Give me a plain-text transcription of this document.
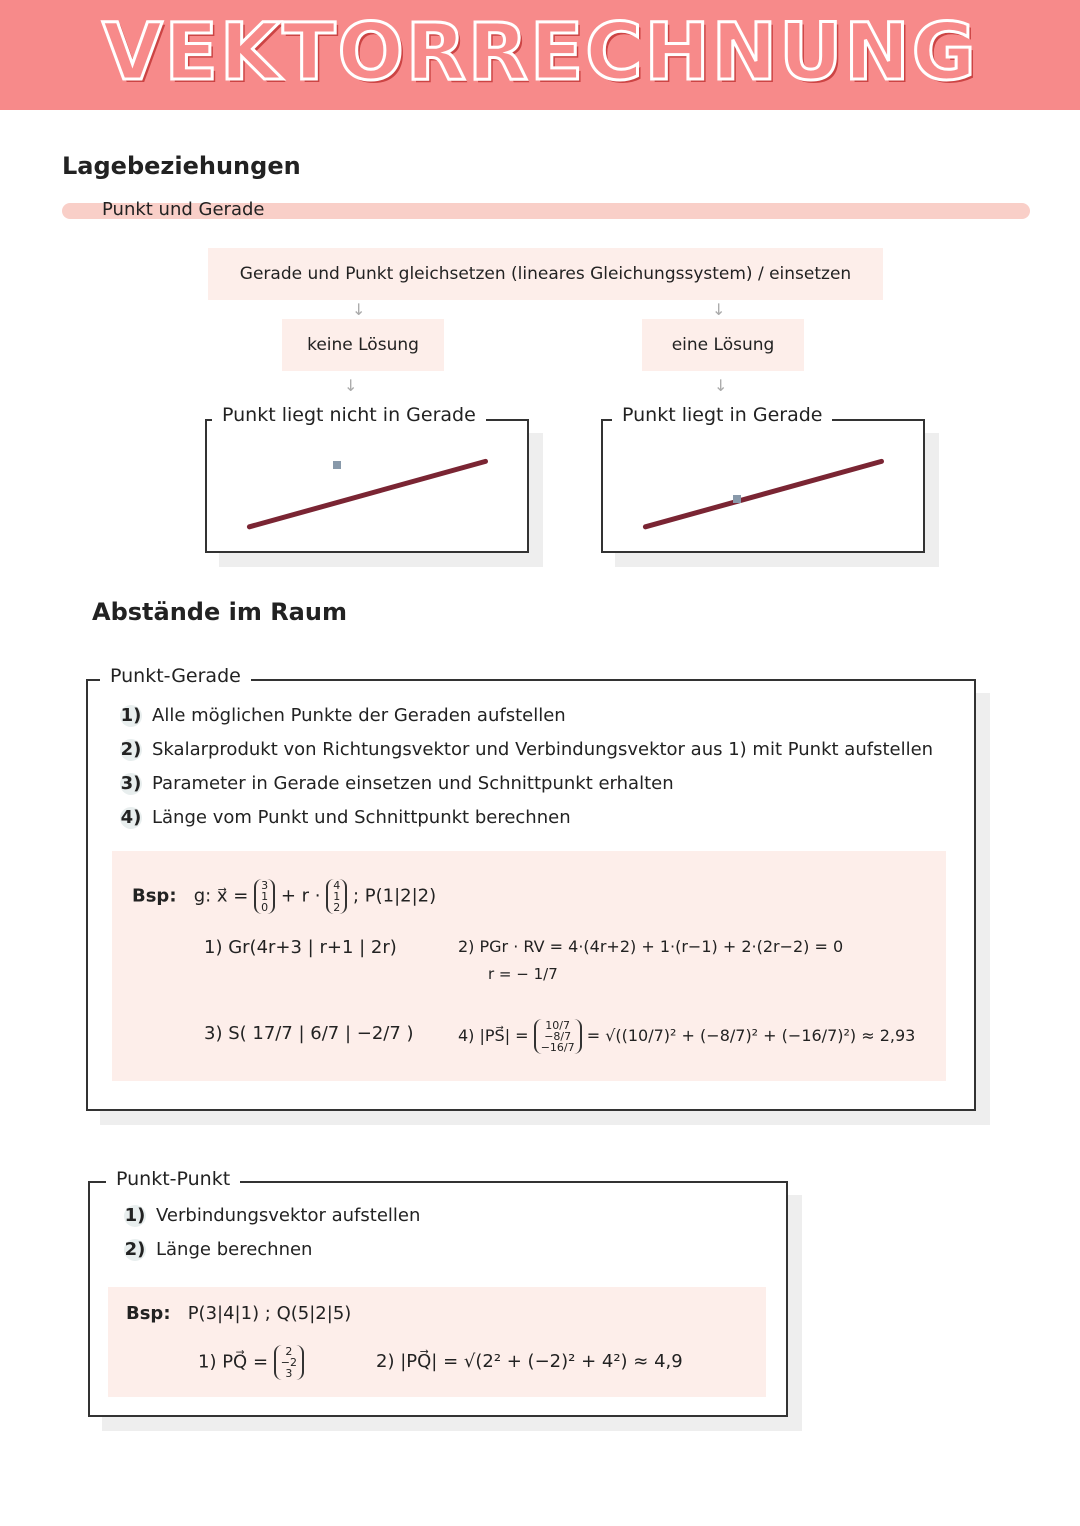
VEKTORRECHNUNG
Lagebeziehungen
Punkt und Gerade
Gerade und Punkt gleichsetzen (lineares Gleichungssystem) / einsetzen
↓	↓
keine Lösung	eine Lösung
↓	↓
Punkt liegt nicht in Gerade	Punkt liegt in Gerade
Abstände im Raum
1) Alle möglichen Punkte der Geraden aufstellen
2) Skalarprodukt von Richtungsvektor und Verbindungsvektor aus 1) mit Punkt aufstellen
3) Parameter in Gerade einsetzen und Schnittpunkt erhalten
4) Länge vom Punkt und Schnittpunkt berechnen
Bsp: g: x⃗ = 3
1
0
+ r · 4
1
2
; P(1|2|2)
1) Gr(4r+3 | r+1 | 2r)	2) PGr · RV = 4·(4r+2) + 1·(r−1) + 2·(2r−2) = 0
r = − 1/7
3) S( 17/7 | 6/7 | −2/7 )	4) |PS⃗| =
10/7
−8/7
−16/7
= √((10/7)² + (−8/7)² + (−16/7)²) ≈ 2,93
Punkt-Gerade
1) Verbindungsvektor aufstellen
2) Länge berechnen
Bsp: P(3|4|1) ; Q(5|2|5)
1) PQ⃗ =	2
−2
3
2) |PQ⃗| = √(2² + (−2)² + 4²) ≈ 4,9
Punkt-Punkt
